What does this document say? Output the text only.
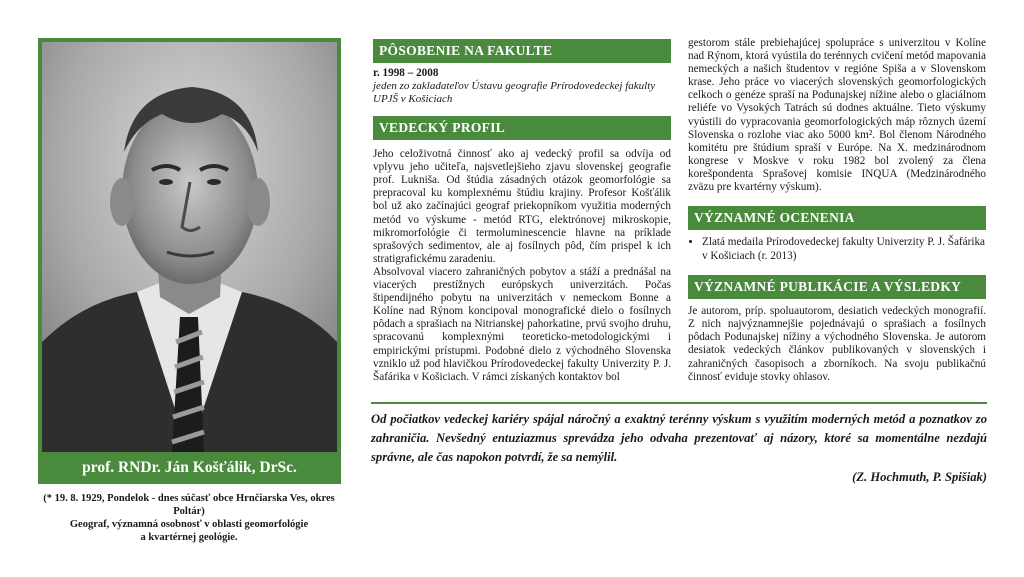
prof. RNDr. Ján Košťálik, DrSc.
(* 19. 8. 1929, Pondelok - dnes súčasť obce Hrnčiarska Ves, okres Poltár)
Geograf, významná osobnosť v oblasti geomorfológie
a kvartérnej geológie.
PÔSOBENIE NA FAKULTE
r. 1998 – 2008
jeden zo zakladateľov Ústavu geografie Prírodovedeckej fakulty
UPJŠ v Košiciach
VEDECKÝ PROFIL

Jeho celoživotná činnosť ako aj vedecký profil sa odvíja od vplyvu jeho učiteľa, najsvetlejšieho zjavu slovenskej geografie prof. Lukniša. Od štúdia zásadných otázok geomorfológie sa prepracoval ku komplexnému štúdiu krajiny. Profesor Košťálik bol už ako začínajúci geograf priekopníkom využitia moderných metód vo výskume - metód RTG, elektrónovej mikroskopie, mikromorfológie či termoluminescencie hlavne na príklade sprašových sedimentov, ale aj fosílnych pôd, čím prispel k ich stratigrafickému zaradeniu.

Absolvoval viacero zahraničných pobytov a stáží a prednášal na viacerých prestížnych európskych univerzitách. Počas štipendijného pobytu na univerzitách v nemeckom Bonne a Kolíne nad Rýnom koncipoval monografické dielo o fosílnych pôdach a sprašiach na Nitrianskej pahorkatine, prvú svojho druhu, spracovanú komplexnými teoreticko-metodologickými i empirickými prístupmi. Podobné dielo z východného Slovenska vzniklo už pod hlavičkou Prírodovedeckej fakulty Univerzity P. J. Šafárika v Košiciach. V rámci získaných kontaktov bol

gestorom stále prebiehajúcej spolupráce s univerzitou v Kolíne nad Rýnom, ktorá vyústila do terénnych cvičení metód mapovania nemeckých a našich študentov v regióne Spiša a v Slovenskom krase. Jeho práce vo viacerých slovenských geomorfologických celkoch o genéze spraší na Podunajskej nížine alebo o glaciálnom reliéfe vo Vysokých Tatrách sú dodnes aktuálne. Tieto výskumy vyústili do vypracovania geomorfologických máp rôznych území Slovenska o rozlohe viac ako 5000 km². Bol členom Národného komitétu pre štúdium spraší v Európe. Na X. medzinárodnom kongrese v Moskve v roku 1982 bol zvolený za člena korešpondenta Sprašovej komisie INQUA (Medzinárodného zväzu pre kvartérny výskum).

VÝZNAMNÉ OCENENIA
• Zlatá medaila Prírodovedeckej fakulty Univerzity P. J. Šafárika v Košiciach (r. 2013)
VÝZNAMNÉ PUBLIKÁCIE A VÝSLEDKY

Je autorom, príp. spoluautorom, desiatich vedeckých monografií. Z nich najvýznamnejšie pojednávajú o sprašiach a fosílnych pôdach Podunajskej nížiny a východného Slovenska. Je autorom desiatok vedeckých článkov publikovaných v slovenských i zahraničných časopisoch a zborníkoch. Na svoju publikačnú činnosť eviduje stovky ohlasov.

Od počiatkov vedeckej kariéry spájal náročný a exaktný terénny výskum s využitím moderných metód a poznatkov zo zahraničia. Nevšedný entuziazmus sprevádza jeho odvaha prezentovať aj názory, ktoré sa momentálne nezdajú správne, ale čas napokon potvrdí, že sa nemýlil.
(Z. Hochmuth, P. Spišiak)
